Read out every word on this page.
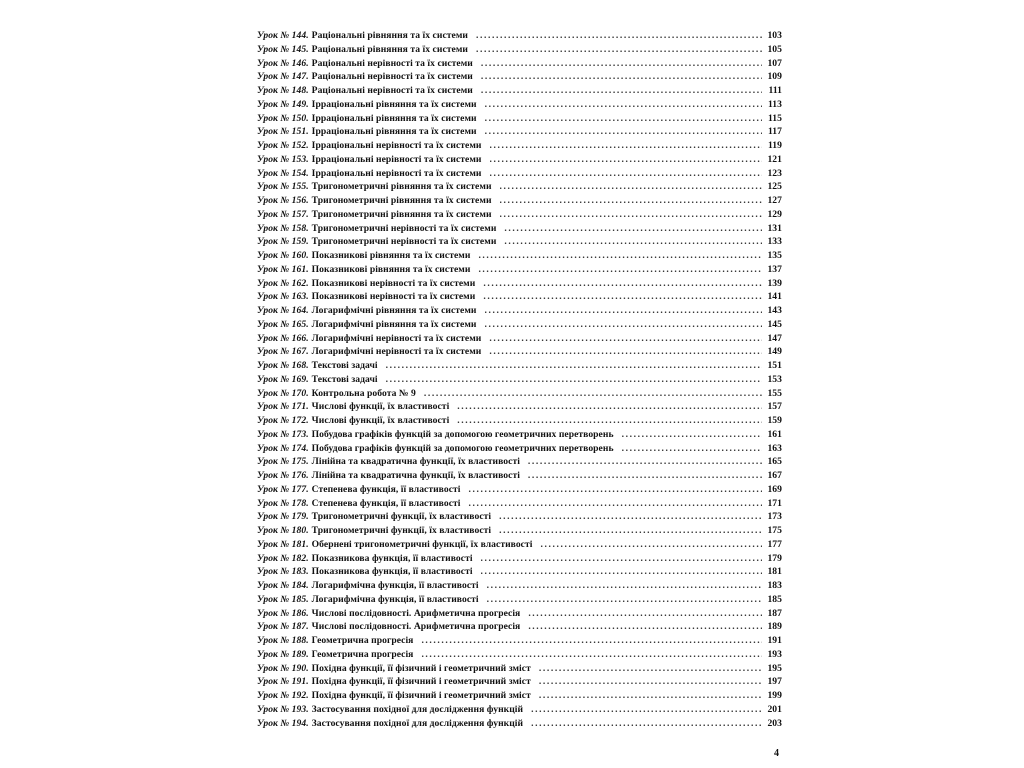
Урок № 144. Раціональні рівняння та їх системи .....	103
Урок № 145. Раціональні рівняння та їх системи .....	105
Урок № 146. Раціональні нерівності та їх системи .....	107
Урок № 147. Раціональні нерівності та їх системи .....	109
Урок № 148. Раціональні нерівності та їх системи .....	111
Урок № 149. Ірраціональні рівняння та їх системи .....	113
Урок № 150. Ірраціональні рівняння та їх системи .....	115
Урок № 151. Ірраціональні рівняння та їх системи .....	117
Урок № 152. Ірраціональні нерівності та їх системи .....	119
Урок № 153. Ірраціональні нерівності та їх системи .....	121
Урок № 154. Ірраціональні нерівності та їх системи .....	123
Урок № 155. Тригонометричні рівняння та їх системи .....	125
Урок № 156. Тригонометричні рівняння та їх системи .....	127
Урок № 157. Тригонометричні рівняння та їх системи .....	129
Урок № 158. Тригонометричні нерівності та їх системи .....	131
Урок № 159. Тригонометричні нерівності та їх системи .....	133
Урок № 160. Показникові рівняння та їх системи .....	135
Урок № 161. Показникові рівняння та їх системи .....	137
Урок № 162. Показникові нерівності та їх системи .....	139
Урок № 163. Показникові нерівності та їх системи .....	141
Урок № 164. Логарифмічні рівняння та їх системи .....	143
Урок № 165. Логарифмічні рівняння та їх системи .....	145
Урок № 166. Логарифмічні нерівності та їх системи .....	147
Урок № 167. Логарифмічні нерівності та їх системи .....	149
Урок № 168. Текстові задачі .....	151
Урок № 169. Текстові задачі .....	153
Урок № 170. Контрольна робота № 9 .....	155
Урок № 171. Числові функції, їх властивості .....	157
Урок № 172. Числові функції, їх властивості .....	159
Урок № 173. Побудова графіків функцій за допомогою геометричних перетворень .....	161
Урок № 174. Побудова графіків функцій за допомогою геометричних перетворень .....	163
Урок № 175. Лінійна та квадратична функції, їх властивості .....	165
Урок № 176. Лінійна та квадратична функції, їх властивості .....	167
Урок № 177. Степенева функція, її властивості .....	169
Урок № 178. Степенева функція, її властивості .....	171
Урок № 179. Тригонометричні функції, їх властивості .....	173
Урок № 180. Тригонометричні функції, їх властивості .....	175
Урок № 181. Обернені тригонометричні функції, їх властивості .....	177
Урок № 182. Показникова функція, її властивості .....	179
Урок № 183. Показникова функція, її властивості .....	181
Урок № 184. Логарифмічна функція, її властивості .....	183
Урок № 185. Логарифмічна функція, її властивості .....	185
Урок № 186. Числові послідовності. Арифметична прогресія .....	187
Урок № 187. Числові послідовності. Арифметична прогресія .....	189
Урок № 188. Геометрична прогресія .....	191
Урок № 189. Геометрична прогресія .....	193
Урок № 190. Похідна функції, її фізичний і геометричний зміст .....	195
Урок № 191. Похідна функції, її фізичний і геометричний зміст .....	197
Урок № 192. Похідна функції, її фізичний і геометричний зміст .....	199
Урок № 193. Застосування похідної для дослідження функцій .....	201
Урок № 194. Застосування похідної для дослідження функцій .....	203
4
